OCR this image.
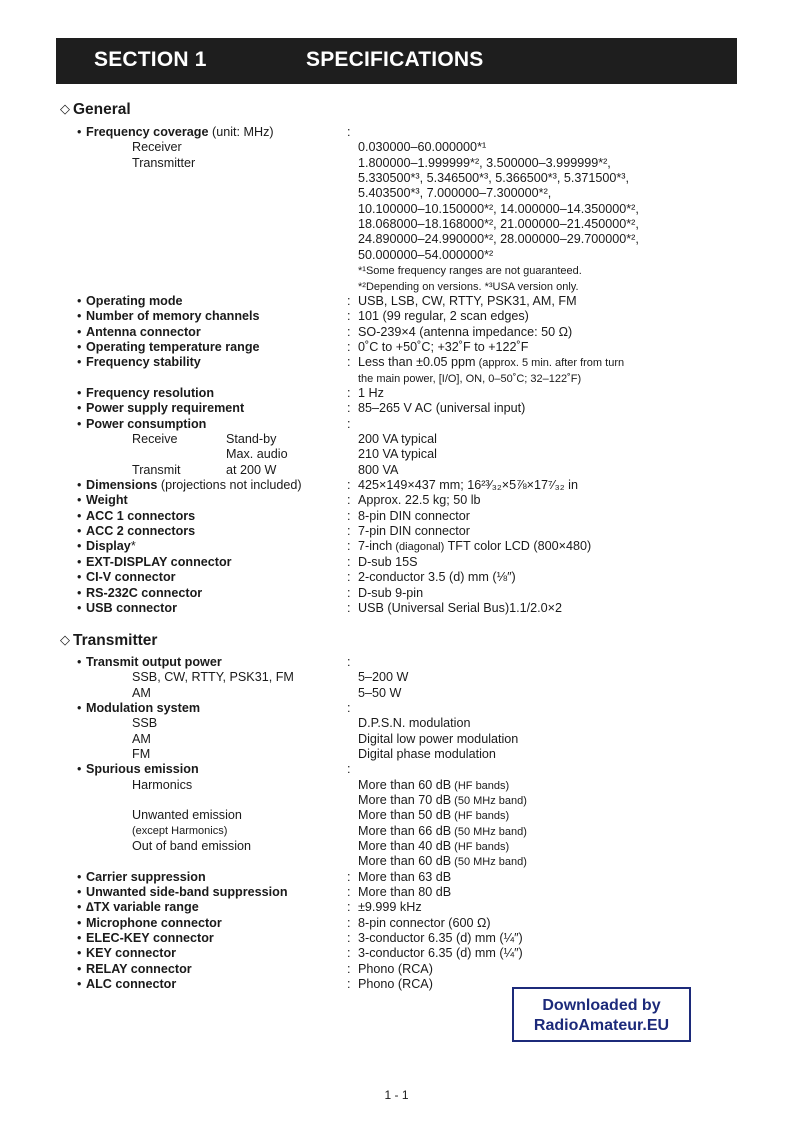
SECTION 1	SPECIFICATIONS
◇ General
• Frequency coverage (unit: MHz)	:
Receiver	0.030000–60.000000*¹
Transmitter	1.800000–1.999999*², 3.500000–3.999999*²,
5.330500*³, 5.346500*³, 5.366500*³, 5.371500*³,
5.403500*³, 7.000000–7.300000*²,
10.100000–10.150000*², 14.000000–14.350000*²,
18.068000–18.168000*², 21.000000–21.450000*²,
24.890000–24.990000*², 28.000000–29.700000*²,
50.000000–54.000000*²
*¹Some frequency ranges are not guaranteed.
*²Depending on versions. *³USA version only.
• Operating mode	: USB, LSB, CW, RTTY, PSK31, AM, FM
• Number of memory channels	: 101 (99 regular, 2 scan edges)
• Antenna connector	: SO-239×4 (antenna impedance: 50 Ω)
• Operating temperature range	: 0˚C to +50˚C; +32˚F to +122˚F
• Frequency stability	: Less than ±0.05 ppm (approx. 5 min. after from turn
the main power, [I/O], ON, 0–50˚C; 32–122˚F)
• Frequency resolution	: 1 Hz
• Power supply requirement	: 85–265 V AC (universal input)
• Power consumption	:
Receive	Stand-by	200 VA typical
Max. audio	210 VA typical
Transmit	at 200 W	800 VA
• Dimensions (projections not included)	: 425×149×437 mm; 16²³⁄₃₂×5⅞×17⁷⁄₃₂ in
• Weight	: Approx. 22.5 kg; 50 lb
• ACC 1 connectors	: 8-pin DIN connector
• ACC 2 connectors	: 7-pin DIN connector
• Display*	: 7-inch (diagonal) TFT color LCD (800×480)
• EXT-DISPLAY connector	: D-sub 15S
• CI-V connector	: 2-conductor 3.5 (d) mm (⅛″)
• RS-232C connector	: D-sub 9-pin
• USB connector	: USB (Universal Serial Bus)1.1/2.0×2
◇ Transmitter
• Transmit output power	:
SSB, CW, RTTY, PSK31, FM	5–200 W
AM	5–50 W
• Modulation system	:
SSB	D.P.S.N. modulation
AM	Digital low power modulation
FM	Digital phase modulation
• Spurious emission	:
Harmonics	More than 60 dB (HF bands)
More than 70 dB (50 MHz band)
Unwanted emission	More than 50 dB (HF bands)
(except Harmonics)	More than 66 dB (50 MHz band)
Out of band emission	More than 40 dB (HF bands)
More than 60 dB (50 MHz band)
• Carrier suppression	: More than 63 dB
• Unwanted side-band suppression	: More than 80 dB
• ∆TX variable range	: ±9.999 kHz
• Microphone connector	: 8-pin connector (600 Ω)
• ELEC-KEY connector	: 3-conductor 6.35 (d) mm (¼″)
• KEY connector	: 3-conductor 6.35 (d) mm (¼″)
• RELAY connector	: Phono (RCA)
• ALC connector	: Phono (RCA)
Downloaded by
RadioAmateur.EU
1 - 1
